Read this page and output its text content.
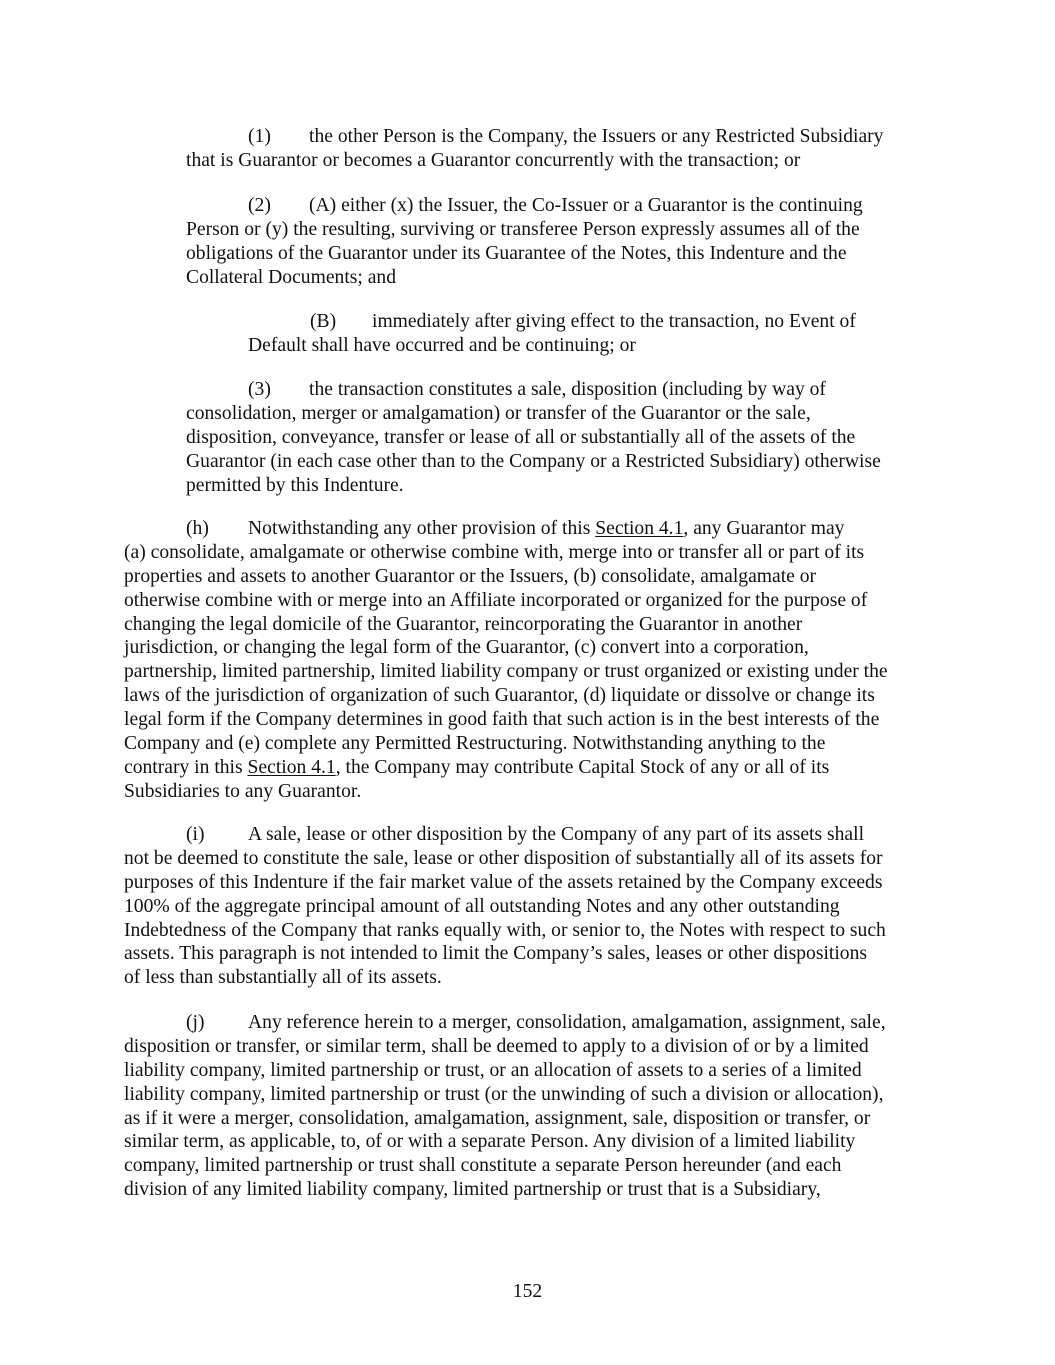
(1) the other Person is the Company, the Issuers or any Restricted Subsidiary
that is Guarantor or becomes a Guarantor concurrently with the transaction; or
(2) (A) either (x) the Issuer, the Co-Issuer or a Guarantor is the continuing
Person or (y) the resulting, surviving or transferee Person expressly assumes all of the
obligations of the Guarantor under its Guarantee of the Notes, this Indenture and the
Collateral Documents; and
(B) immediately after giving effect to the transaction, no Event of
Default shall have occurred and be continuing; or
(3) the transaction constitutes a sale, disposition (including by way of
consolidation, merger or amalgamation) or transfer of the Guarantor or the sale,
disposition, conveyance, transfer or lease of all or substantially all of the assets of the
Guarantor (in each case other than to the Company or a Restricted Subsidiary) otherwise
permitted by this Indenture.
(h) Notwithstanding any other provision of this Section 4.1, any Guarantor may
(a) consolidate, amalgamate or otherwise combine with, merge into or transfer all or part of its
properties and assets to another Guarantor or the Issuers, (b) consolidate, amalgamate or
otherwise combine with or merge into an Affiliate incorporated or organized for the purpose of
changing the legal domicile of the Guarantor, reincorporating the Guarantor in another
jurisdiction, or changing the legal form of the Guarantor, (c) convert into a corporation,
partnership, limited partnership, limited liability company or trust organized or existing under the
laws of the jurisdiction of organization of such Guarantor, (d) liquidate or dissolve or change its
legal form if the Company determines in good faith that such action is in the best interests of the
Company and (e) complete any Permitted Restructuring. Notwithstanding anything to the
contrary in this Section 4.1, the Company may contribute Capital Stock of any or all of its
Subsidiaries to any Guarantor.
(i) A sale, lease or other disposition by the Company of any part of its assets shall
not be deemed to constitute the sale, lease or other disposition of substantially all of its assets for
purposes of this Indenture if the fair market value of the assets retained by the Company exceeds
100% of the aggregate principal amount of all outstanding Notes and any other outstanding
Indebtedness of the Company that ranks equally with, or senior to, the Notes with respect to such
assets. This paragraph is not intended to limit the Company’s sales, leases or other dispositions
of less than substantially all of its assets.
(j) Any reference herein to a merger, consolidation, amalgamation, assignment, sale,
disposition or transfer, or similar term, shall be deemed to apply to a division of or by a limited
liability company, limited partnership or trust, or an allocation of assets to a series of a limited
liability company, limited partnership or trust (or the unwinding of such a division or allocation),
as if it were a merger, consolidation, amalgamation, assignment, sale, disposition or transfer, or
similar term, as applicable, to, of or with a separate Person. Any division of a limited liability
company, limited partnership or trust shall constitute a separate Person hereunder (and each
division of any limited liability company, limited partnership or trust that is a Subsidiary,
152
